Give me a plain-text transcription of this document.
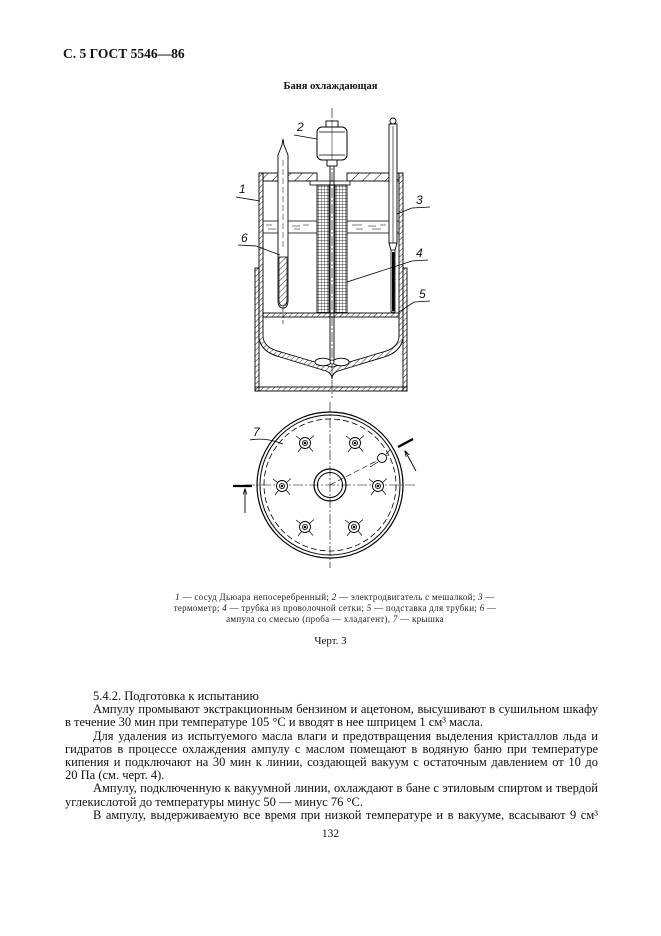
С. 5 ГОСТ 5546—86
Баня охлаждающая
1
2
3
4
5
6
7
1 — сосуд Дьюара непосеребренный; 2 — электродвигатель с мешалкой; 3 —
термометр; 4 — трубка из проволочной сетки; 5 — подставка для трубки; 6 —
ампула со смесью (проба — хладагент), 7 — крышка
Черт. 3
5.4.2. Подготовка к испытанию
Ампулу промывают экстракционным бензином и ацетоном, высушивают в сушильном шкафу
в течение 30 мин при температуре 105 °С и вводят в нее шприцем 1 см³ масла.
Для удаления из испытуемого масла влаги и предотвращения выделения кристаллов льда и
гидратов в процессе охлаждения ампулу с маслом помещают в водяную баню при температуре
кипения и подключают на 30 мин к линии, создающей вакуум с остаточным давлением от 10 до
20 Па (см. черт. 4).
Ампулу, подключенную к вакуумной линии, охлаждают в бане с этиловым спиртом и твердой
углекислотой до температуры минус 50 — минус 76 °С.
В ампулу, выдерживаемую все время при низкой температуре и в вакууме, всасывают 9 см³
132
